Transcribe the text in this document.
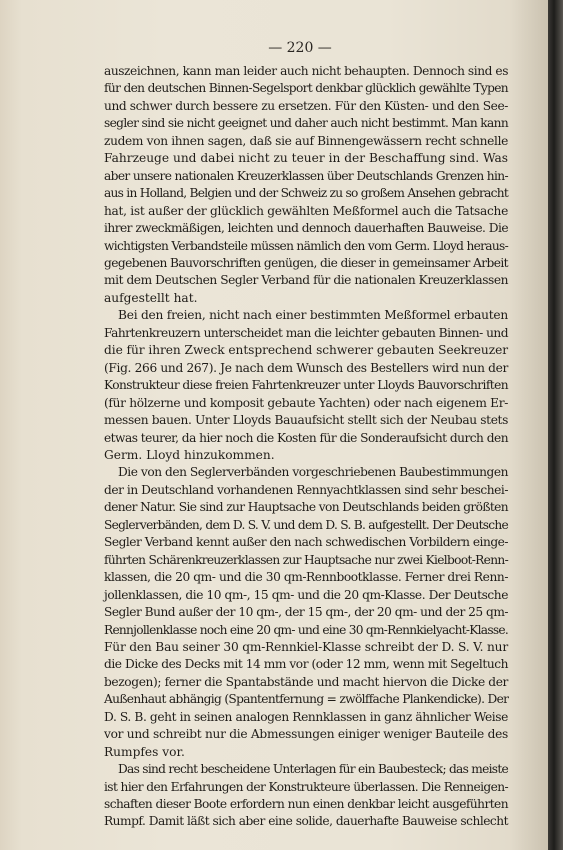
— 220 —
auszeichnen, kann man leider auch nicht behaupten. Dennoch sind es
für den deutschen Binnen-Segelsport denkbar glücklich gewählte Typen
und schwer durch bessere zu ersetzen. Für den Küsten- und den See-
segler sind sie nicht geeignet und daher auch nicht bestimmt. Man kann
zudem von ihnen sagen, daß sie auf Binnengewässern recht schnelle
Fahrzeuge und dabei nicht zu teuer in der Beschaffung sind. Was
aber unsere nationalen Kreuzerklassen über Deutschlands Grenzen hin-
aus in Holland, Belgien und der Schweiz zu so großem Ansehen gebracht
hat, ist außer der glücklich gewählten Meßformel auch die Tatsache
ihrer zweckmäßigen, leichten und dennoch dauerhaften Bauweise. Die
wichtigsten Verbandsteile müssen nämlich den vom Germ. Lloyd heraus-
gegebenen Bauvorschriften genügen, die dieser in gemeinsamer Arbeit
mit dem Deutschen Segler Verband für die nationalen Kreuzerklassen
aufgestellt hat.
Bei den freien, nicht nach einer bestimmten Meßformel erbauten
Fahrtenkreuzern unterscheidet man die leichter gebauten Binnen- und
die für ihren Zweck entsprechend schwerer gebauten Seekreuzer
(Fig. 266 und 267). Je nach dem Wunsch des Bestellers wird nun der
Konstrukteur diese freien Fahrtenkreuzer unter Lloyds Bauvorschriften
(für hölzerne und komposit gebaute Yachten) oder nach eigenem Er-
messen bauen. Unter Lloyds Bauaufsicht stellt sich der Neubau stets
etwas teurer, da hier noch die Kosten für die Sonderaufsicht durch den
Germ. Lloyd hinzukommen.
Die von den Seglerverbänden vorgeschriebenen Baubestimmungen
der in Deutschland vorhandenen Rennyachtklassen sind sehr beschei-
dener Natur. Sie sind zur Hauptsache von Deutschlands beiden größten
Seglerverbänden, dem D. S. V. und dem D. S. B. aufgestellt. Der Deutsche
Segler Verband kennt außer den nach schwedischen Vorbildern einge-
führten Schärenkreuzerklassen zur Hauptsache nur zwei Kielboot-Renn-
klassen, die 20 qm- und die 30 qm-Rennbootklasse. Ferner drei Renn-
jollenklassen, die 10 qm-, 15 qm- und die 20 qm-Klasse. Der Deutsche
Segler Bund außer der 10 qm-, der 15 qm-, der 20 qm- und der 25 qm-
Rennjollenklasse noch eine 20 qm- und eine 30 qm-Rennkielyacht-Klasse.
Für den Bau seiner 30 qm-Rennkiel-Klasse schreibt der D. S. V. nur
die Dicke des Decks mit 14 mm vor (oder 12 mm, wenn mit Segeltuch
bezogen); ferner die Spantabstände und macht hiervon die Dicke der
Außenhaut abhängig (Spantentfernung = zwölffache Plankendicke). Der
D. S. B. geht in seinen analogen Rennklassen in ganz ähnlicher Weise
vor und schreibt nur die Abmessungen einiger weniger Bauteile des
Rumpfes vor.
Das sind recht bescheidene Unterlagen für ein Baubesteck; das meiste
ist hier den Erfahrungen der Konstrukteure überlassen. Die Renneigen-
schaften dieser Boote erfordern nun einen denkbar leicht ausgeführten
Rumpf. Damit läßt sich aber eine solide, dauerhafte Bauweise schlecht
